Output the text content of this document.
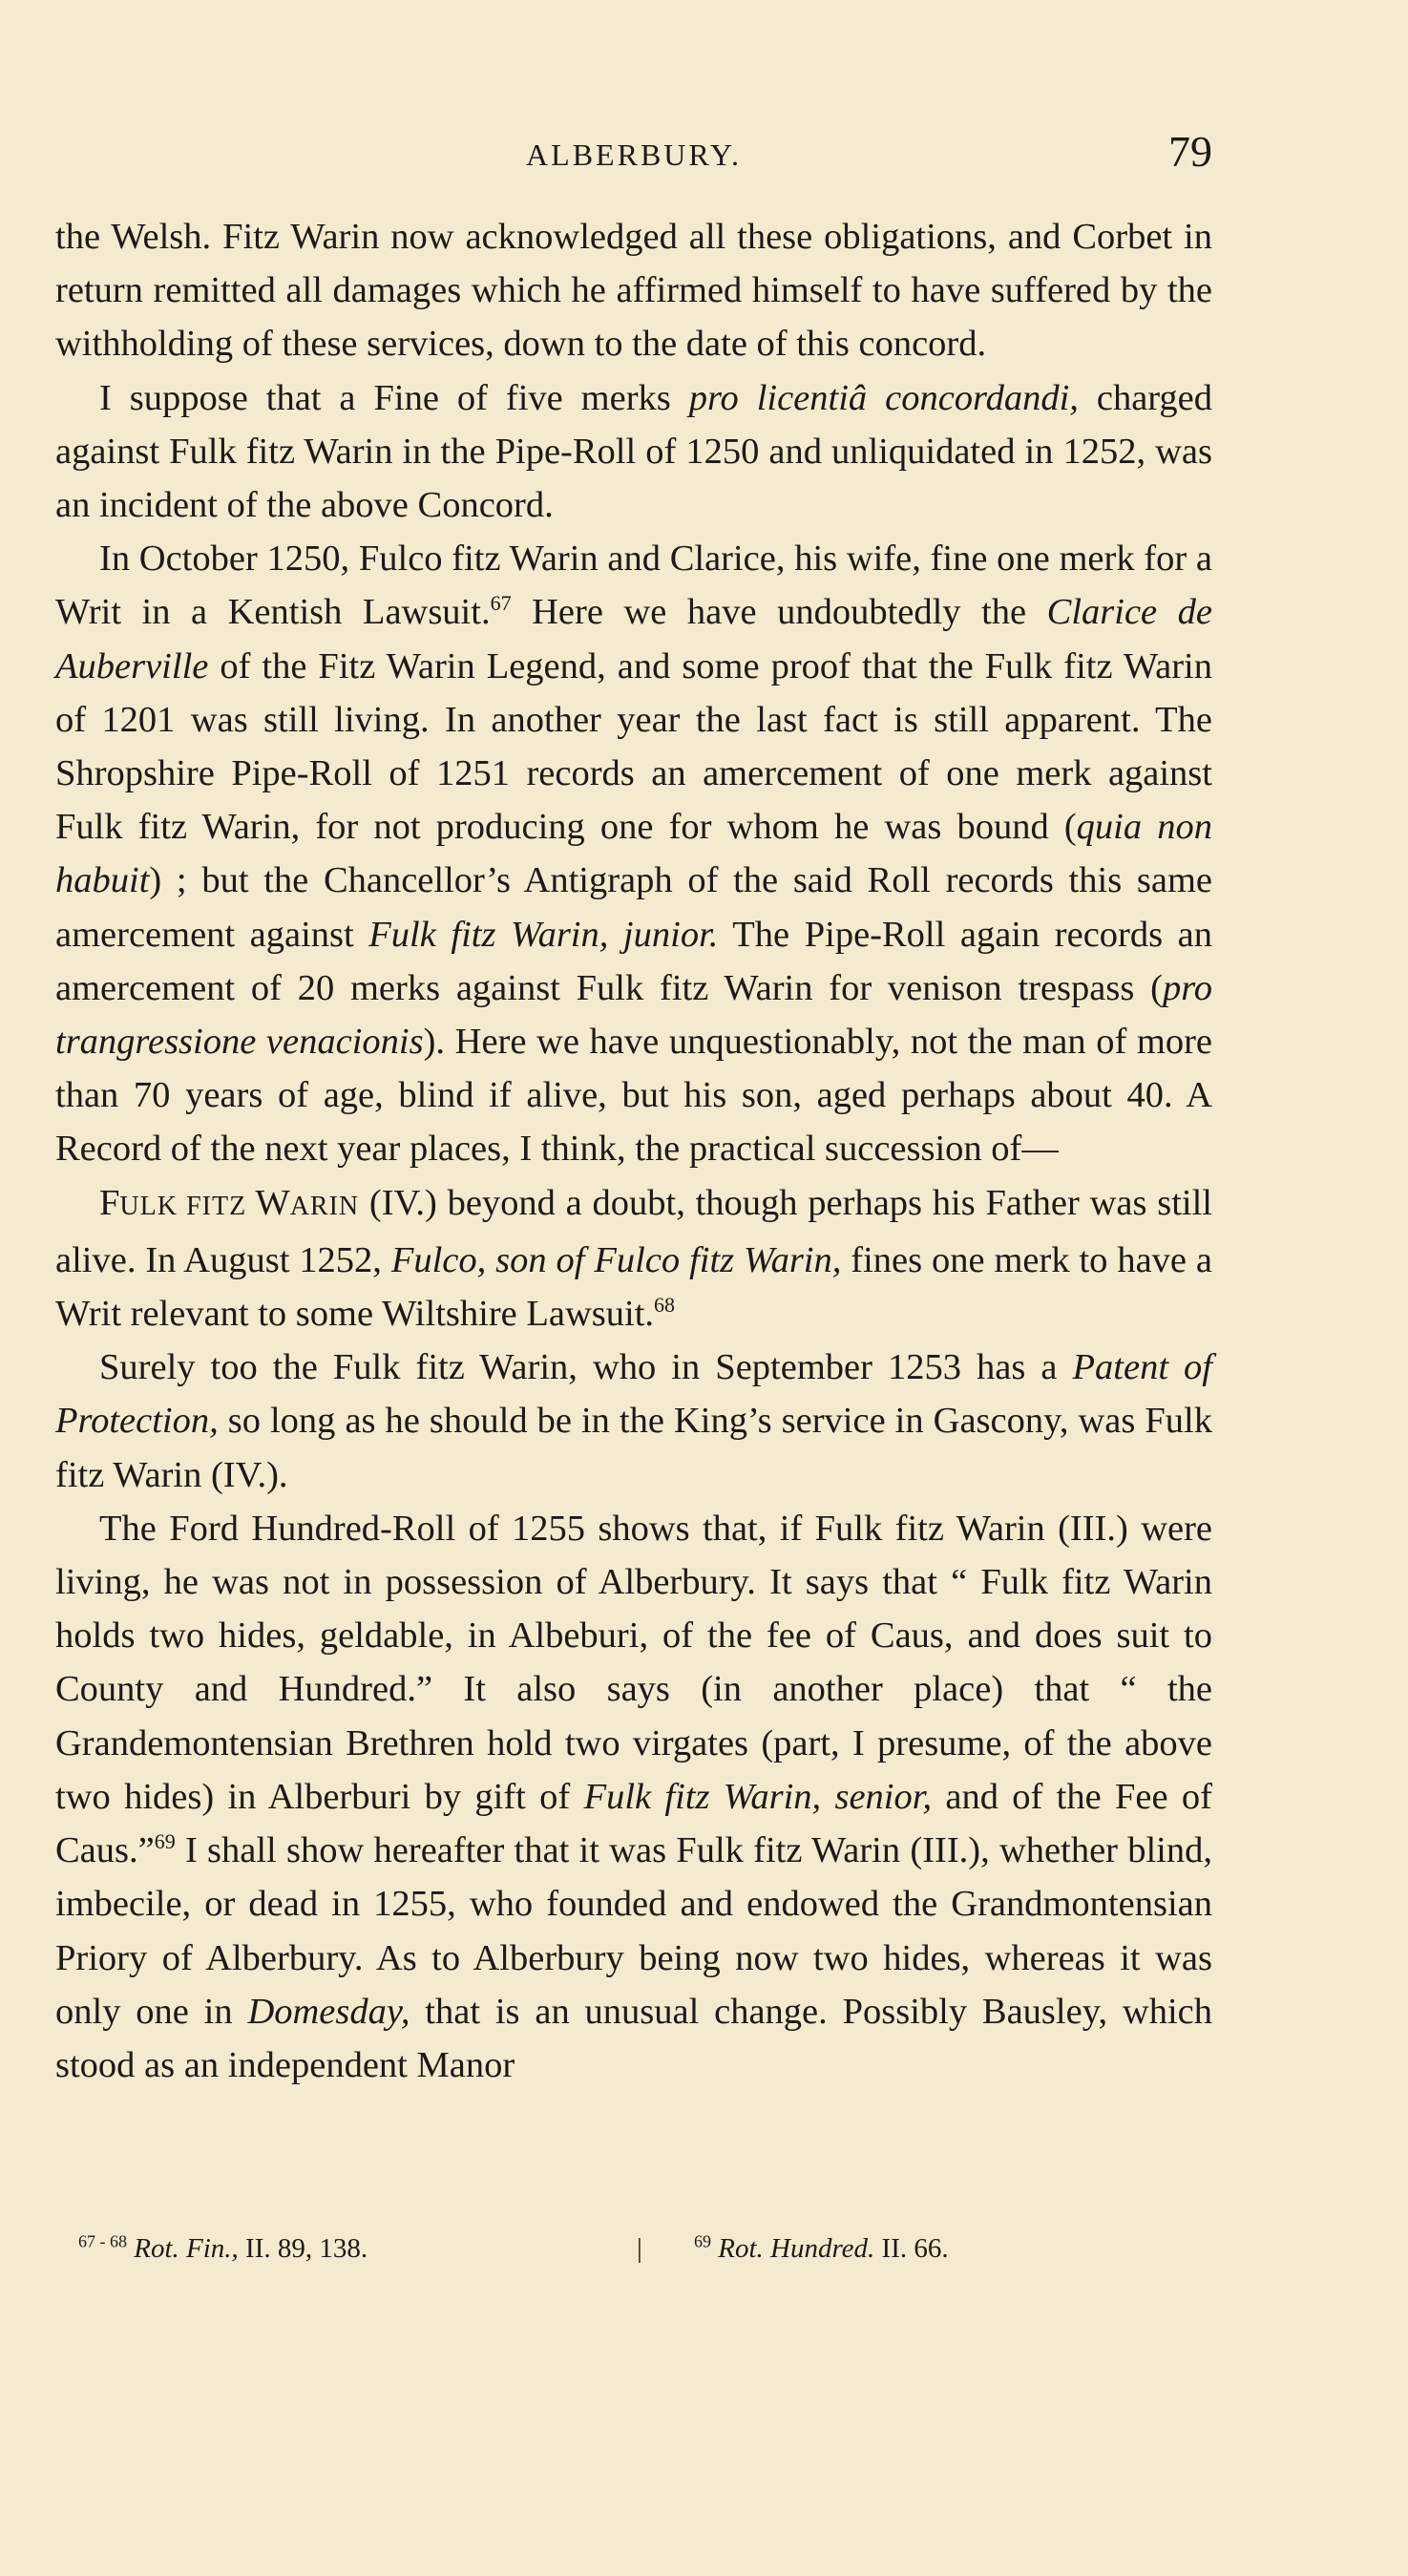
ALBERBURY.	79

the Welsh. Fitz Warin now acknowledged all these obligations, and Corbet in return remitted all damages which he affirmed himself to have suffered by the withholding of these services, down to the date of this concord.

I suppose that a Fine of five merks pro licentiâ concordandi, charged against Fulk fitz Warin in the Pipe-Roll of 1250 and unliquidated in 1252, was an incident of the above Concord.

In October 1250, Fulco fitz Warin and Clarice, his wife, fine one merk for a Writ in a Kentish Lawsuit.$^{67}$ Here we have undoubtedly the Clarice de Auberville of the Fitz Warin Legend, and some proof that the Fulk fitz Warin of 1201 was still living. In another year the last fact is still apparent. The Shropshire Pipe-Roll of 1251 records an amercement of one merk against Fulk fitz Warin, for not producing one for whom he was bound (quia non habuit) ; but the Chancellor’s Antigraph of the said Roll records this same amercement against Fulk fitz Warin, junior. The Pipe-Roll again records an amercement of 20 merks against Fulk fitz Warin for venison trespass (pro trangressione venacionis). Here we have unquestionably, not the man of more than 70 years of age, blind if alive, but his son, aged perhaps about 40. A Record of the next year places, I think, the practical succession of—

FULK FITZ WARIN (IV.) beyond a doubt, though perhaps his Father was still alive. In August 1252, Fulco, son of Fulco fitz Warin, fines one merk to have a Writ relevant to some Wiltshire Lawsuit.$^{68}$

Surely too the Fulk fitz Warin, who in September 1253 has a Patent of Protection, so long as he should be in the King’s service in Gascony, was Fulk fitz Warin (IV.).

The Ford Hundred-Roll of 1255 shows that, if Fulk fitz Warin (III.) were living, he was not in possession of Alberbury. It says that “ Fulk fitz Warin holds two hides, geldable, in Albeburi, of the fee of Caus, and does suit to County and Hundred.” It also says (in another place) that “ the Grandemontensian Brethren hold two virgates (part, I presume, of the above two hides) in Alberburi by gift of Fulk fitz Warin, senior, and of the Fee of Caus.”$^{69}$ I shall show hereafter that it was Fulk fitz Warin (III.), whether blind, imbecile, or dead in 1255, who founded and endowed the Grandmontensian Priory of Alberbury. As to Alberbury being now two hides, whereas it was only one in Domesday, that is an unusual change. Possibly Bausley, which stood as an independent Manor

$^{67 - 68}$ Rot. Fin., II. 89, 138.	|	$^{69}$ Rot. Hundred. II. 66.
